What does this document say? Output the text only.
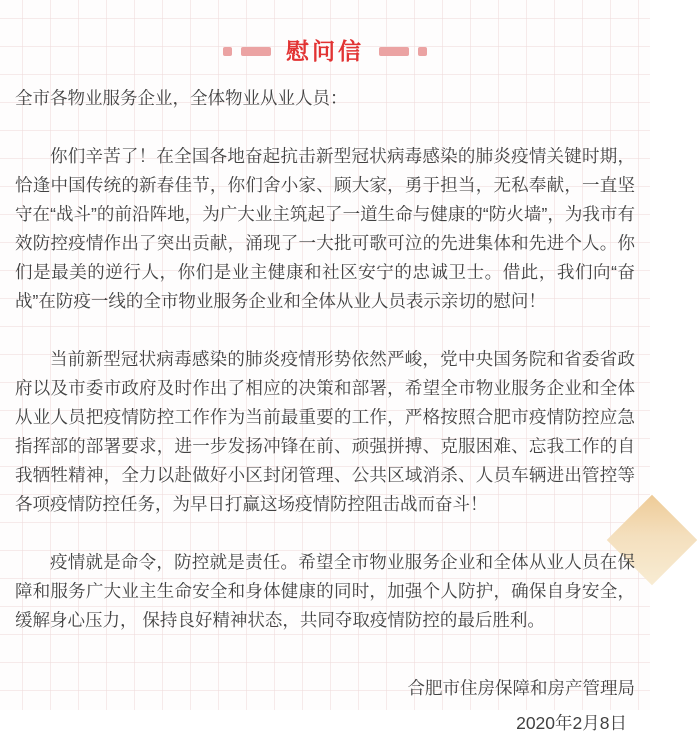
慰问信

全市各物业服务企业，全体物业从业人员：

你们辛苦了！在全国各地奋起抗击新型冠状病毒感染的肺炎疫情关键时期，恰逢中国传统的新春佳节，你们舍小家、顾大家，勇于担当，无私奉献，一直坚守在“战斗”的前沿阵地，为广大业主筑起了一道生命与健康的“防火墙”，为我市有效防控疫情作出了突出贡献，涌现了一大批可歌可泣的先进集体和先进个人。你们是最美的逆行人，你们是业主健康和社区安宁的忠诚卫士。借此，我们向“奋战”在防疫一线的全市物业服务企业和全体从业人员表示亲切的慰问！

当前新型冠状病毒感染的肺炎疫情形势依然严峻，党中央国务院和省委省政府以及市委市政府及时作出了相应的决策和部署，希望全市物业服务企业和全体从业人员把疫情防控工作作为当前最重要的工作，严格按照合肥市疫情防控应急指挥部的部署要求，进一步发扬冲锋在前、顽强拼搏、克服困难、忘我工作的自我牺牲精神，全力以赴做好小区封闭管理、公共区域消杀、人员车辆进出管控等各项疫情防控任务，为早日打赢这场疫情防控阻击战而奋斗！

疫情就是命令，防控就是责任。希望全市物业服务企业和全体从业人员在保障和服务广大业主生命安全和身体健康的同时，加强个人防护，确保自身安全，缓解身心压力， 保持良好精神状态，共同夺取疫情防控的最后胜利。

合肥市住房保障和房产管理局

2020年2月8日
